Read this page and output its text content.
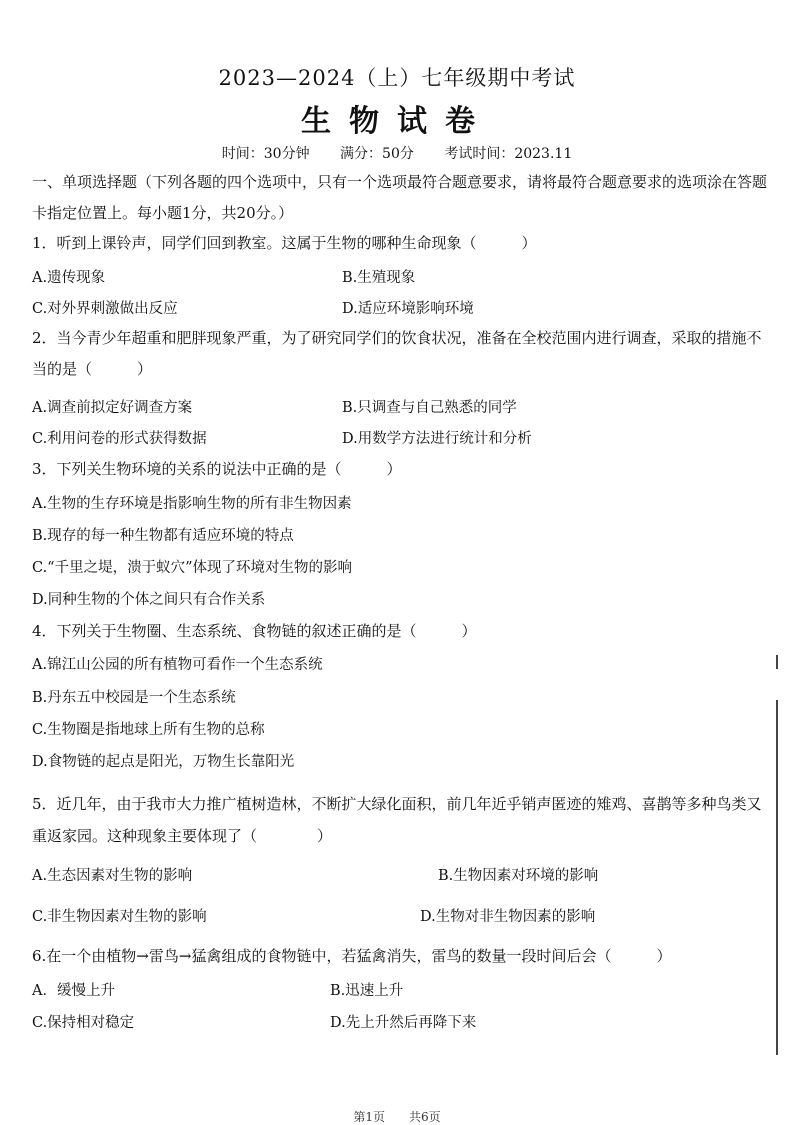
2023—2024（上）七年级期中考试
生物试卷
时间：30分钟 满分：50分 考试时间：2023.11
一、单项选择题（下列各题的四个选项中，只有一个选项最符合题意要求，请将最符合题意要求的选项涂在答题卡指定位置上。每小题1分，共20分。）
1．听到上课铃声，同学们回到教室。这属于生物的哪种生命现象（　　　）
A.遗传现象	B.生殖现象
C.对外界刺激做出反应	D.适应环境影响环境
2．当今青少年超重和肥胖现象严重，为了研究同学们的饮食状况，准备在全校范围内进行调查，采取的措施不当的是（　　　）
A.调查前拟定好调查方案	B.只调查与自己熟悉的同学
C.利用问卷的形式获得数据	D.用数学方法进行统计和分析
3．下列关生物环境的关系的说法中正确的是（　　　）
A.生物的生存环境是指影响生物的所有非生物因素
B.现存的每一种生物都有适应环境的特点
C.“千里之堤，溃于蚁穴”体现了环境对生物的影响
D.同种生物的个体之间只有合作关系
4．下列关于生物圈、生态系统、食物链的叙述正确的是（　　　）
A.锦江山公园的所有植物可看作一个生态系统
B.丹东五中校园是一个生态系统
C.生物圈是指地球上所有生物的总称
D.食物链的起点是阳光，万物生长靠阳光
5．近几年，由于我市大力推广植树造林，不断扩大绿化面积，前几年近乎销声匿迹的雉鸡、喜鹊等多种鸟类又重返家园。这种现象主要体现了（　　　　）
A.生态因素对生物的影响	B.生物因素对环境的影响
C.非生物因素对生物的影响	D.生物对非生物因素的影响
6.在一个由植物→雷鸟→猛禽组成的食物链中，若猛禽消失，雷鸟的数量一段时间后会（　　　）
A．缓慢上升	B.迅速上升
C.保持相对稳定	D.先上升然后再降下来
第1页　　共6页
